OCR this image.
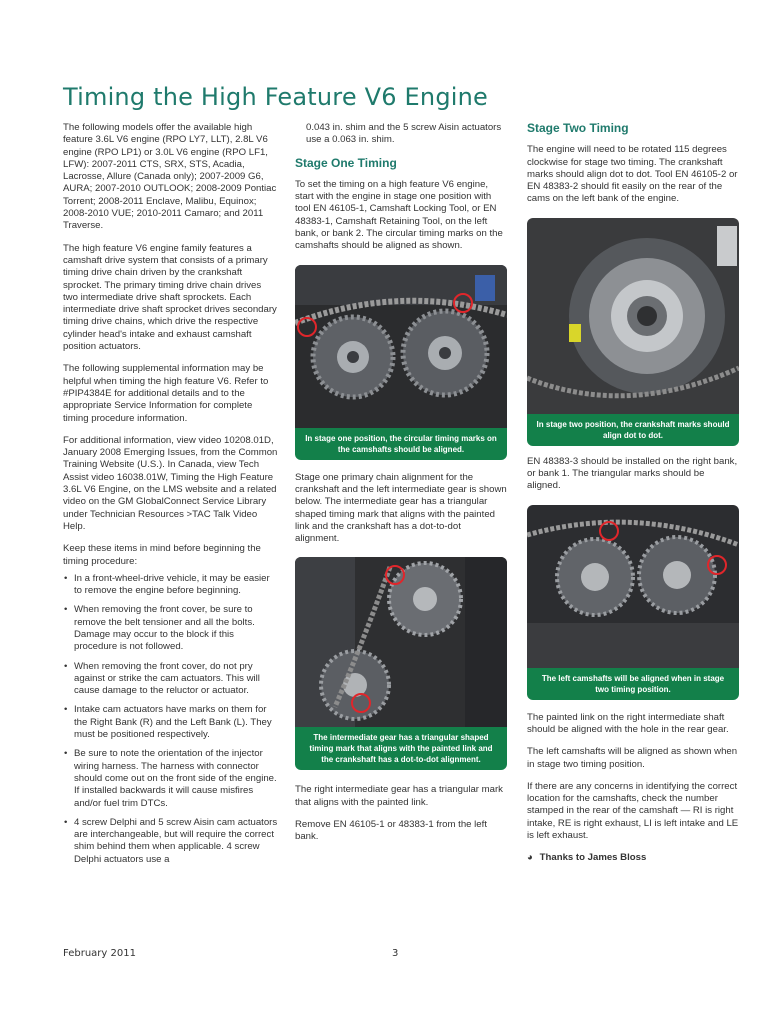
Timing the High Feature V6 Engine

The following models offer the available high feature 3.6L V6 engine (RPO LY7, LLT), 2.8L V6 engine (RPO LP1) or 3.0L V6 engine (RPO LF1, LFW): 2007-2011 CTS, SRX, STS, Acadia, Lacrosse, Allure (Canada only); 2007-2009 G6, AURA; 2007-2010 OUTLOOK; 2008-2009 Pontiac Torrent; 2008-2011 Enclave, Malibu, Equinox; 2008-2010 VUE; 2010-2011 Camaro; and 2011 Traverse.

The high feature V6 engine family features a camshaft drive system that consists of a primary timing drive chain driven by the crankshaft sprocket. The primary timing drive chain drives two intermediate drive shaft sprockets. Each intermediate drive shaft sprocket drives secondary timing drive chains, which drive the respective cylinder head's intake and exhaust camshaft position actuators.

The following supplemental information may be helpful when timing the high feature V6. Refer to #PIP4384E for additional details and to the appropriate Service Information for complete timing procedure information.

For additional information, view video 10208.01D, January 2008 Emerging Issues, from the Common Training Website (U.S.). In Canada, view Tech Assist video 16038.01W, Timing the High Feature 3.6L V6 Engine, on the LMS website and a related video on the GM GlobalConnect Service Library under Technician Resources >TAC Talk Video Help.

Keep these items in mind before beginning the timing procedure:

• In a front-wheel-drive vehicle, it may be easier to remove the engine before beginning.
• When removing the front cover, be sure to remove the belt tensioner and all the bolts. Damage may occur to the block if this procedure is not followed.
• When removing the front cover, do not pry against or strike the cam actuators. This will cause damage to the reluctor or actuator.
• Intake cam actuators have marks on them for the Right Bank (R) and the Left Bank (L). They must be positioned respectively.
• Be sure to note the orientation of the injector wiring harness. The harness with connector should come out on the front side of the engine. If installed backwards it will cause misfires and/or fuel trim DTCs.
• 4 screw Delphi and 5 screw Aisin cam actuators are interchangeable, but will require the correct shim behind them when applicable. 4 screw Delphi actuators use a

0.043 in. shim and the 5 screw Aisin actuators use a 0.063 in. shim.

Stage One Timing

To set the timing on a high feature V6 engine, start with the engine in stage one position with tool EN 46105-1, Camshaft Locking Tool, or EN 48383-1, Camshaft Retaining Tool, on the left bank, or bank 2. The circular timing marks on the camshafts should be aligned as shown.

In stage one position, the circular timing marks on the camshafts should be aligned.

Stage one primary chain alignment for the crankshaft and the left intermediate gear is shown below. The intermediate gear has a triangular shaped timing mark that aligns with the painted link and the crankshaft has a dot-to-dot alignment.

The intermediate gear has a triangular shaped timing mark that aligns with the painted link and the crankshaft has a dot-to-dot alignment.

The right intermediate gear has a triangular mark that aligns with the painted link.

Remove EN 46105-1 or 48383-1 from the left bank.

Stage Two Timing

The engine will need to be rotated 115 degrees clockwise for stage two timing. The crankshaft marks should align dot to dot. Tool EN 46105-2 or EN 48383-2 should fit easily on the rear of the cams on the left bank of the engine.

In stage two position, the crankshaft marks should align dot to dot.

EN 48383-3 should be installed on the right bank, or bank 1. The triangular marks should be aligned.

The left camshafts will be aligned when in stage two timing position.

The painted link on the right intermediate shaft should be aligned with the hole in the rear gear.

The left camshafts will be aligned as shown when in stage two timing position.

If there are any concerns in identifying the correct location for the camshafts, check the number stamped in the rear of the camshaft — RI is right intake, RE is right exhaust, LI is left intake and LE is left exhaust.

◕ Thanks to James Bloss

February 2011	3
